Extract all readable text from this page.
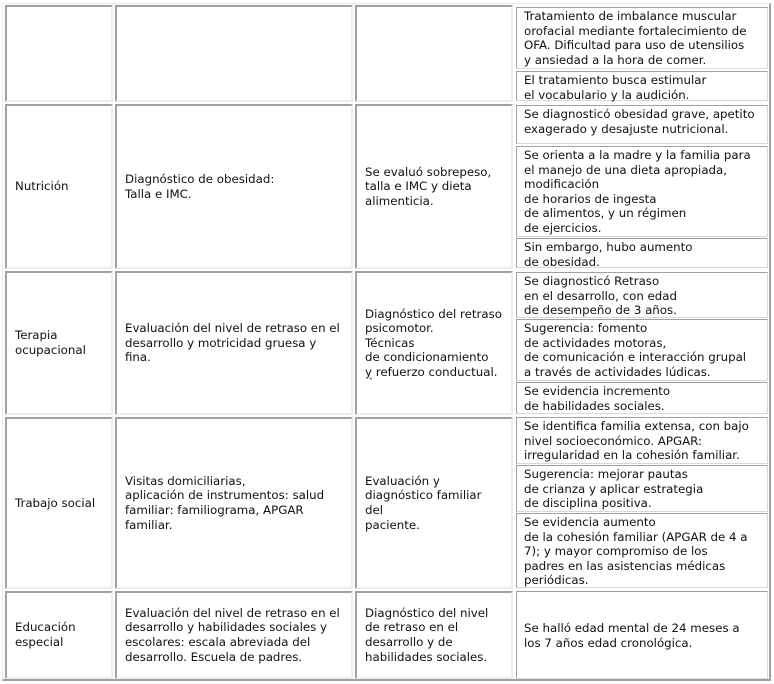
Tratamiento de imbalance muscular
orofacial mediante fortalecimiento de
OFA. Dificultad para uso de utensilios
y ansiedad a la hora de comer.
El tratamiento busca estimular
el vocabulario y la audición.
Nutrición
Diagnóstico de obesidad:
Talla e IMC.
Se evaluó sobrepeso,
talla e IMC y dieta
alimenticia.
Se diagnosticó obesidad grave, apetito
exagerado y desajuste nutricional.
Se orienta a la madre y la familia para
el manejo de una dieta apropiada,
modificación
de horarios de ingesta
de alimentos, y un régimen
de ejercicios.
Sin embargo, hubo aumento
de obesidad.
Terapia
ocupacional
Evaluación del nivel de retraso en el
desarrollo y motricidad gruesa y
fina.
Diagnóstico del retraso
psicomotor.
Técnicas
de condicionamiento
y refuerzo conductual.
Se diagnosticó Retraso
en el desarrollo, con edad
de desempeño de 3 años.
Sugerencia: fomento
de actividades motoras,
de comunicación e interacción grupal
a través de actividades lúdicas.
Se evidencia incremento
de habilidades sociales.
Trabajo social
Visitas domiciliarias,
aplicación de instrumentos: salud
familiar: familiograma, APGAR
familiar.
Evaluación y
diagnóstico familiar del
paciente.
Se identifica familia extensa, con bajo
nivel socioeconómico. APGAR:
irregularidad en la cohesión familiar.
Sugerencia: mejorar pautas
de crianza y aplicar estrategia
de disciplina positiva.
Se evidencia aumento
de la cohesión familiar (APGAR de 4 a
7); y mayor compromiso de los
padres en las asistencias médicas
periódicas.
Educación
especial
Evaluación del nivel de retraso en el
desarrollo y habilidades sociales y
escolares: escala abreviada del
desarrollo. Escuela de padres.
Diagnóstico del nivel
de retraso en el
desarrollo y de
habilidades sociales.
Se halló edad mental de 24 meses a
los 7 años edad cronológica.
